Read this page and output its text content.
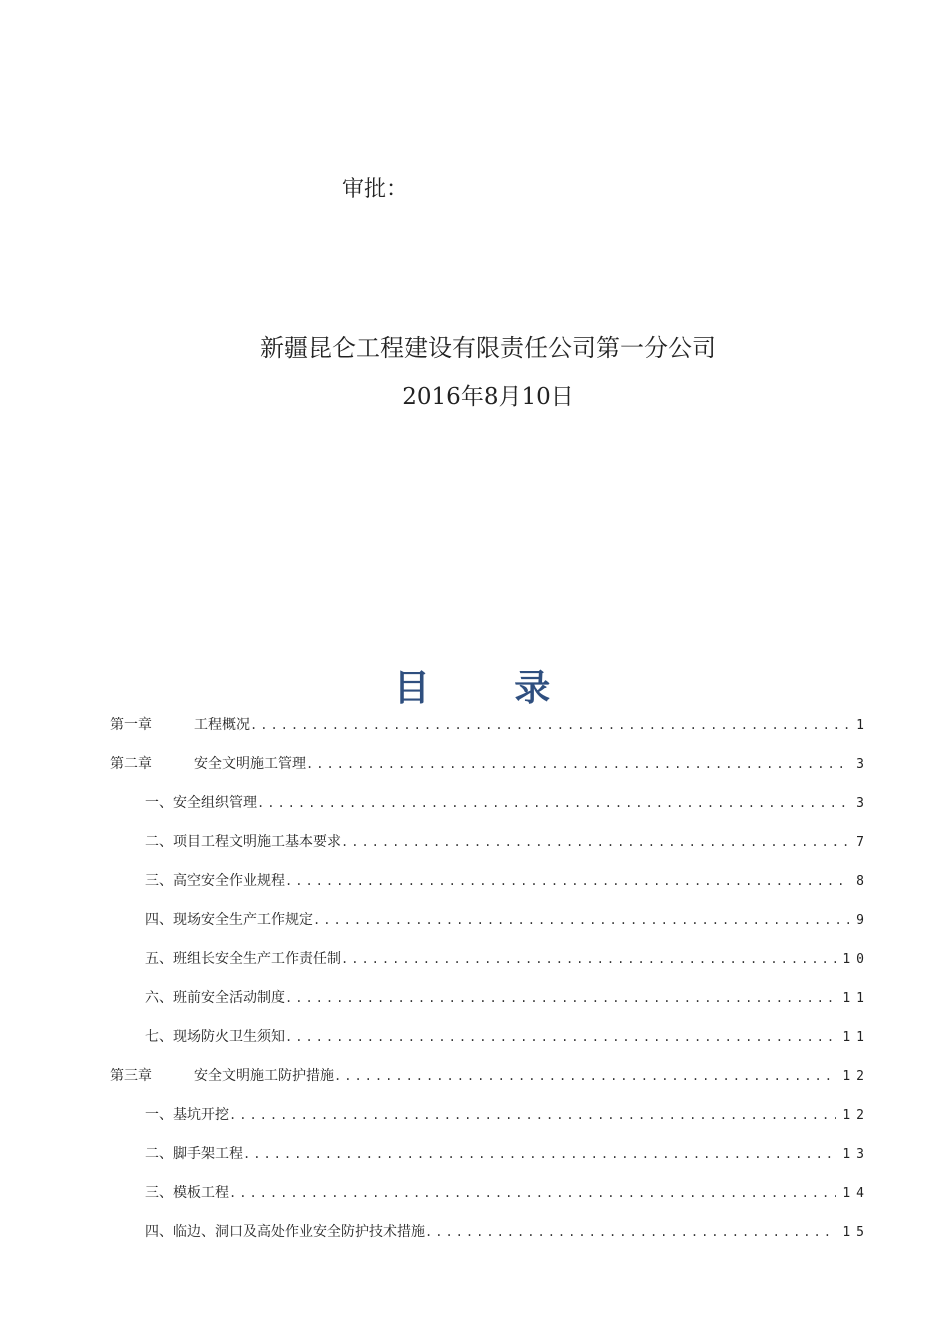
审批：
新疆昆仑工程建设有限责任公司第一分公司
2016年8月10日
目 录
第一章	工程概况 .....	1
第二章	安全文明施工管理 .....	3
一、安全组织管理 .....	3
二、项目工程文明施工基本要求 .....	7
三、高空安全作业规程 .....	8
四、现场安全生产工作规定 .....	9
五、班组长安全生产工作责任制 .....	10
六、班前安全活动制度 .....	11
七、现场防火卫生须知 .....	11
第三章	安全文明施工防护措施 .....	12
一、基坑开挖 .....	12
二、脚手架工程 .....	13
三、模板工程 .....	14
四、临边、洞口及高处作业安全防护技术措施 .....	15
